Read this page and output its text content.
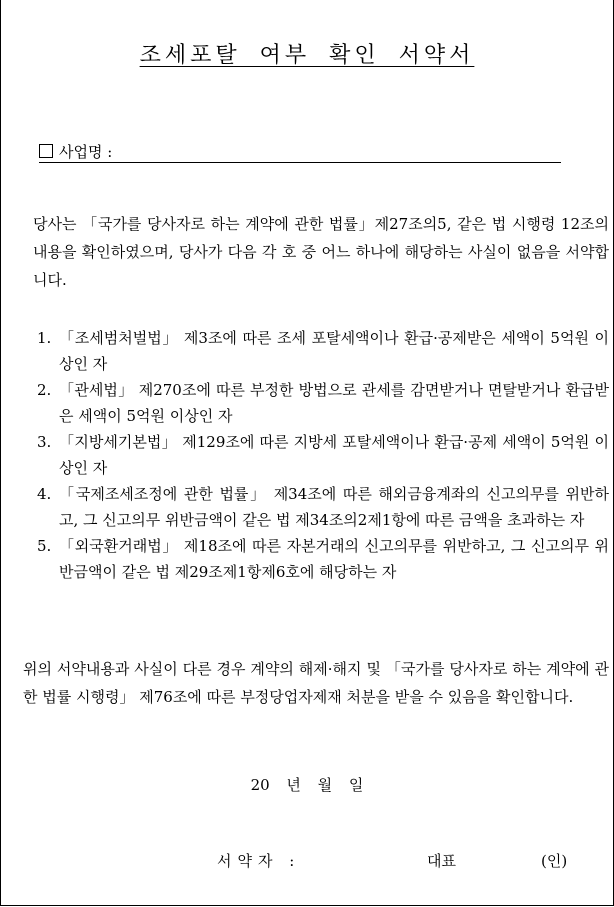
조세포탈 여부 확인 서약서
사업명 :
당사는 「국가를 당사자로 하는 계약에 관한 법률」제27조의5, 같은 법 시행령 12조의 내용을 확인하였으며, 당사가 다음 각 호 중 어느 하나에 해당하는 사실이 없음을 서약합니다.
1. 「조세범처벌법」 제3조에 따른 조세 포탈세액이나 환급·공제받은 세액이 5억원 이상인 자
2. 「관세법」 제270조에 따른 부정한 방법으로 관세를 감면받거나 면탈받거나 환급받은 세액이 5억원 이상인 자
3. 「지방세기본법」 제129조에 따른 지방세 포탈세액이나 환급·공제 세액이 5억원 이상인 자
4. 「국제조세조정에 관한 법률」 제34조에 따른 해외금융계좌의 신고의무를 위반하고, 그 신고의무 위반금액이 같은 법 제34조의2제1항에 따른 금액을 초과하는 자
5. 「외국환거래법」 제18조에 따른 자본거래의 신고의무를 위반하고, 그 신고의무 위반금액이 같은 법 제29조제1항제6호에 해당하는 자
위의 서약내용과 사실이 다른 경우 계약의 해제·해지 및 「국가를 당사자로 하는 계약에 관한 법률 시행령」 제76조에 따른 부정당업자제재 처분을 받을 수 있음을 확인합니다.
20 년 월 일
서약자 :	대표	(인)
